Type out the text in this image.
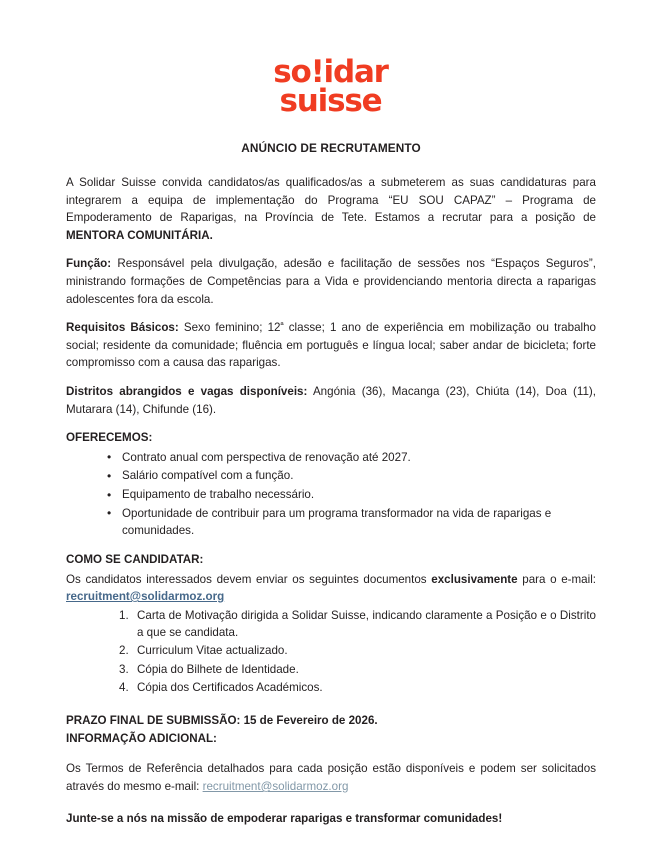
so!idar
suisse
ANÚNCIO DE RECRUTAMENTO

A Solidar Suisse convida candidatos/as qualificados/as a submeterem as suas candidaturas para integrarem a equipa de implementação do Programa “EU SOU CAPAZ” – Programa de Empoderamento de Raparigas, na Província de Tete. Estamos a recrutar para a posição de MENTORA COMUNITÁRIA.

Função: Responsável pela divulgação, adesão e facilitação de sessões nos “Espaços Seguros”, ministrando formações de Competências para a Vida e providenciando mentoria directa a raparigas adolescentes fora da escola.

Requisitos Básicos: Sexo feminino; $12^ª$ classe; 1 ano de experiência em mobilização ou trabalho social; residente da comunidade; fluência em português e língua local; saber andar de bicicleta; forte compromisso com a causa das raparigas.

Distritos abrangidos e vagas disponíveis: Angónia (36), Macanga (23), Chiúta (14), Doa (11), Mutarara (14), Chifunde (16).

OFERECEMOS:

• Contrato anual com perspectiva de renovação até 2027.
• Salário compatível com a função.
• Equipamento de trabalho necessário.
• Oportunidade de contribuir para um programa transformador na vida de raparigas e comunidades.

COMO SE CANDIDATAR:

Os candidatos interessados devem enviar os seguintes documentos exclusivamente para o e-mail: recruitment@solidarmoz.org

Carta de Motivação dirigida a Solidar Suisse, indicando claramente a Posição e o Distrito a que se candidata.
Curriculum Vitae actualizado.
Cópia do Bilhete de Identidade.
Cópia dos Certificados Académicos.

PRAZO FINAL DE SUBMISSÃO: 15 de Fevereiro de 2026.

INFORMAÇÃO ADICIONAL:

Os Termos de Referência detalhados para cada posição estão disponíveis e podem ser solicitados através do mesmo e-mail: recruitment@solidarmoz.org

Junte-se a nós na missão de empoderar raparigas e transformar comunidades!
